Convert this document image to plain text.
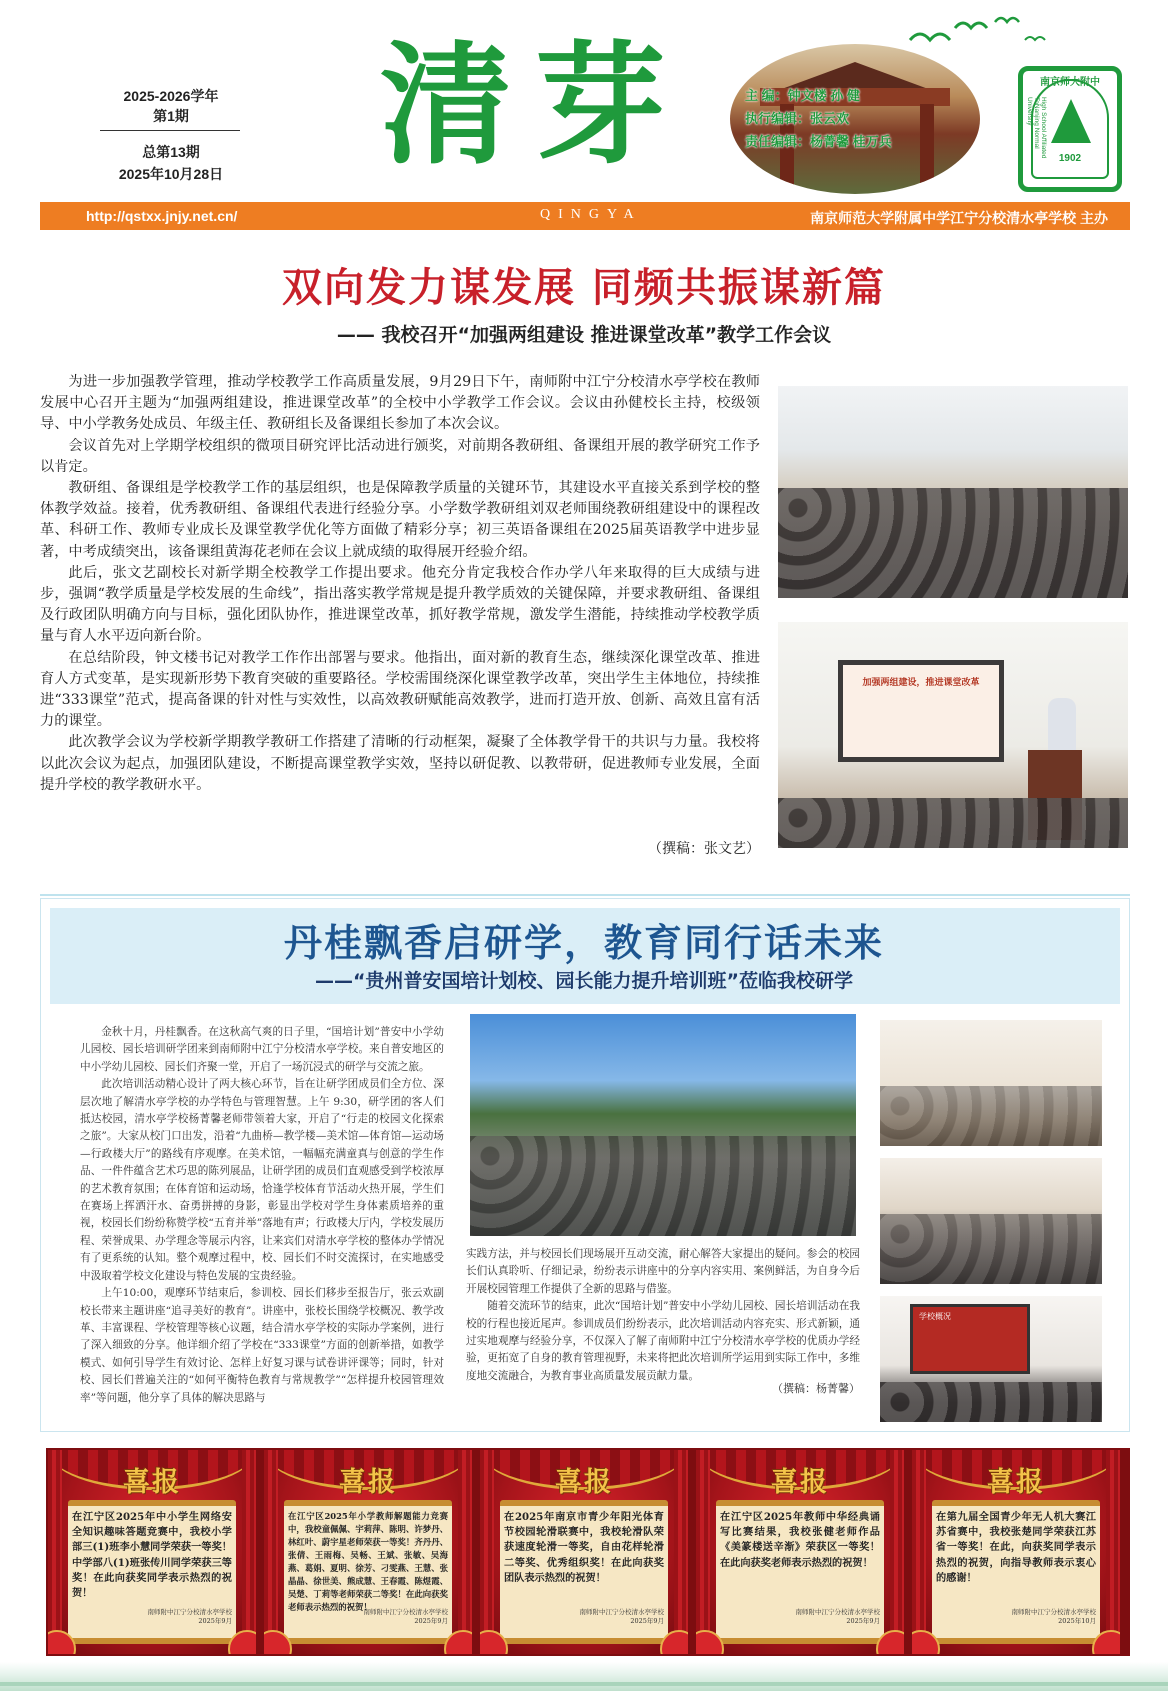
2025-2026学年
第1期
总第13期
2025年10月28日 清芽	主 编：钟文楼 孙 健
执行编辑：张云欢
责任编辑：杨菁馨 桂万兵
南京师大附中
High School Affiliated ToNanjing Normal University
1902
http://qstxx.jnjy.net.cn/	QINGYA	南京师范大学附属中学江宁分校清水亭学校 主办
双向发力谋发展 同频共振谋新篇
—— 我校召开“加强两组建设 推进课堂改革”教学工作会议

为进一步加强教学管理，推动学校教学工作高质量发展，9月29日下午，南师附中江宁分校清水亭学校在教师发展中心召开主题为“加强两组建设，推进课堂改革”的全校中小学教学工作会议。会议由孙健校长主持，校级领导、中小学教务处成员、年级主任、教研组长及备课组长参加了本次会议。

会议首先对上学期学校组织的微项目研究评比活动进行颁奖，对前期各教研组、备课组开展的教学研究工作予以肯定。

教研组、备课组是学校教学工作的基层组织，也是保障教学质量的关键环节，其建设水平直接关系到学校的整体教学效益。接着，优秀教研组、备课组代表进行经验分享。小学数学教研组刘双老师围绕教研组建设中的课程改革、科研工作、教师专业成长及课堂教学优化等方面做了精彩分享；初三英语备课组在2025届英语教学中进步显著，中考成绩突出，该备课组黄海花老师在会议上就成绩的取得展开经验介绍。

此后，张文艺副校长对新学期全校教学工作提出要求。他充分肯定我校合作办学八年来取得的巨大成绩与进步，强调“教学质量是学校发展的生命线”，指出落实教学常规是提升教学质效的关键保障，并要求教研组、备课组及行政团队明确方向与目标，强化团队协作，推进课堂改革，抓好教学常规，激发学生潜能，持续推动学校教学质量与育人水平迈向新台阶。

在总结阶段，钟文楼书记对教学工作作出部署与要求。他指出，面对新的教育生态，继续深化课堂改革、推进育人方式变革，是实现新形势下教育突破的重要路径。学校需围绕深化课堂教学改革，突出学生主体地位，持续推进“333课堂”范式，提高备课的针对性与实效性，以高效教研赋能高效教学，进而打造开放、创新、高效且富有活力的课堂。

此次教学会议为学校新学期教学教研工作搭建了清晰的行动框架，凝聚了全体教学骨干的共识与力量。我校将以此次会议为起点，加强团队建设，不断提高课堂教学实效，坚持以研促教、以教带研，促进教师专业发展，全面提升学校的教学教研水平。

（撰稿：张文艺）
加强两组建设，推进课堂改革
丹桂飘香启研学，教育同行话未来
——“贵州普安国培计划校、园长能力提升培训班”莅临我校研学

金秋十月，丹桂飘香。在这秋高气爽的日子里，“国培计划”普安中小学幼儿园校、园长培训研学团来到南师附中江宁分校清水亭学校。来自普安地区的中小学幼儿园校、园长们齐聚一堂，开启了一场沉浸式的研学与交流之旅。

此次培训活动精心设计了两大核心环节，旨在让研学团成员们全方位、深层次地了解清水亭学校的办学特色与管理智慧。上午 9:30，研学团的客人们抵达校园，清水亭学校杨菁馨老师带领着大家，开启了“行走的校园文化探索之旅”。大家从校门口出发，沿着“九曲桥—教学楼—美术馆—体育馆—运动场—行政楼大厅”的路线有序观摩。在美术馆，一幅幅充满童真与创意的学生作品、一件件蕴含艺术巧思的陈列展品，让研学团的成员们直观感受到学校浓厚的艺术教育氛围；在体育馆和运动场，恰逢学校体育节活动火热开展，学生们在赛场上挥洒汗水、奋勇拼搏的身影，彰显出学校对学生身体素质培养的重视，校园长们纷纷称赞学校“五育并举”落地有声；行政楼大厅内，学校发展历程、荣誉成果、办学理念等展示内容，让来宾们对清水亭学校的整体办学情况有了更系统的认知。整个观摩过程中，校、园长们不时交流探讨，在实地感受中汲取着学校文化建设与特色发展的宝贵经验。

上午10:00，观摩环节结束后，参训校、园长们移步至报告厅，张云欢副校长带来主题讲座“追寻美好的教育”。讲座中，张校长围绕学校概况、教学改革、丰富课程、学校管理等核心议题，结合清水亭学校的实际办学案例，进行了深入细致的分享。他详细介绍了学校在“333课堂”方面的创新举措，如教学模式、如何引导学生有效讨论、怎样上好复习课与试卷讲评课等；同时，针对校、园长们普遍关注的“如何平衡特色教育与常规教学”“怎样提升校园管理效率”等问题，他分享了具体的解决思路与

学校概况

实践方法，并与校园长们现场展开互动交流，耐心解答大家提出的疑问。参会的校园长们认真聆听、仔细记录，纷纷表示讲座中的分享内容实用、案例鲜活，为自身今后开展校园管理工作提供了全新的思路与借鉴。

随着交流环节的结束，此次“国培计划”普安中小学幼儿园校、园长培训活动在我校的行程也接近尾声。参训成员们纷纷表示，此次培训活动内容充实、形式新颖，通过实地观摩与经验分享，不仅深入了解了南师附中江宁分校清水亭学校的优质办学经验，更拓宽了自身的教育管理视野，未来将把此次培训所学运用到实际工作中，多维度地交流融合，为教育事业高质量发展贡献力量。

（撰稿：杨菁馨）
喜报
在江宁区2025年中小学生网络安全知识趣味答题竞赛中，我校小学部三(1)班李小慧同学荣获一等奖！中学部八(1)班张传川同学荣获三等奖！在此向获奖同学表示热烈的祝贺！
南师附中江宁分校清水亭学校
2025年9月
喜报
在江宁区2025年小学教师解题能力竞赛中，我校童佩佩、宇莉萍、陈明、许梦丹、林红叶、蔚宇星老师荣获一等奖！齐丹丹、张倩、王雨梅、吴畅、王斌、张敏、吴海燕、葛娟、夏明、徐芳、刁雯燕、王慧、张晶晶、徐世美、熊成慧、王春霞、陈煜霞、吴楚、丁莉等老师荣获二等奖！在此向获奖老师表示热烈的祝贺！
南师附中江宁分校清水亭学校
2025年9月
喜报
在2025年南京市青少年阳光体育节校园轮滑联赛中，我校轮滑队荣获速度轮滑一等奖，自由花样轮滑二等奖、优秀组织奖！在此向获奖团队表示热烈的祝贺！
南师附中江宁分校清水亭学校
2025年9月
喜报
在江宁区2025年教师中华经典诵写比赛结果，我校张健老师作品《美篆楼送辛渐》荣获区一等奖！在此向获奖老师表示热烈的祝贺！
南师附中江宁分校清水亭学校
2025年9月
喜报
在第九届全国青少年无人机大赛江苏省赛中，我校张楚同学荣获江苏省一等奖！在此，向获奖同学表示热烈的祝贺，向指导教师表示衷心的感谢！
南师附中江宁分校清水亭学校
2025年10月
